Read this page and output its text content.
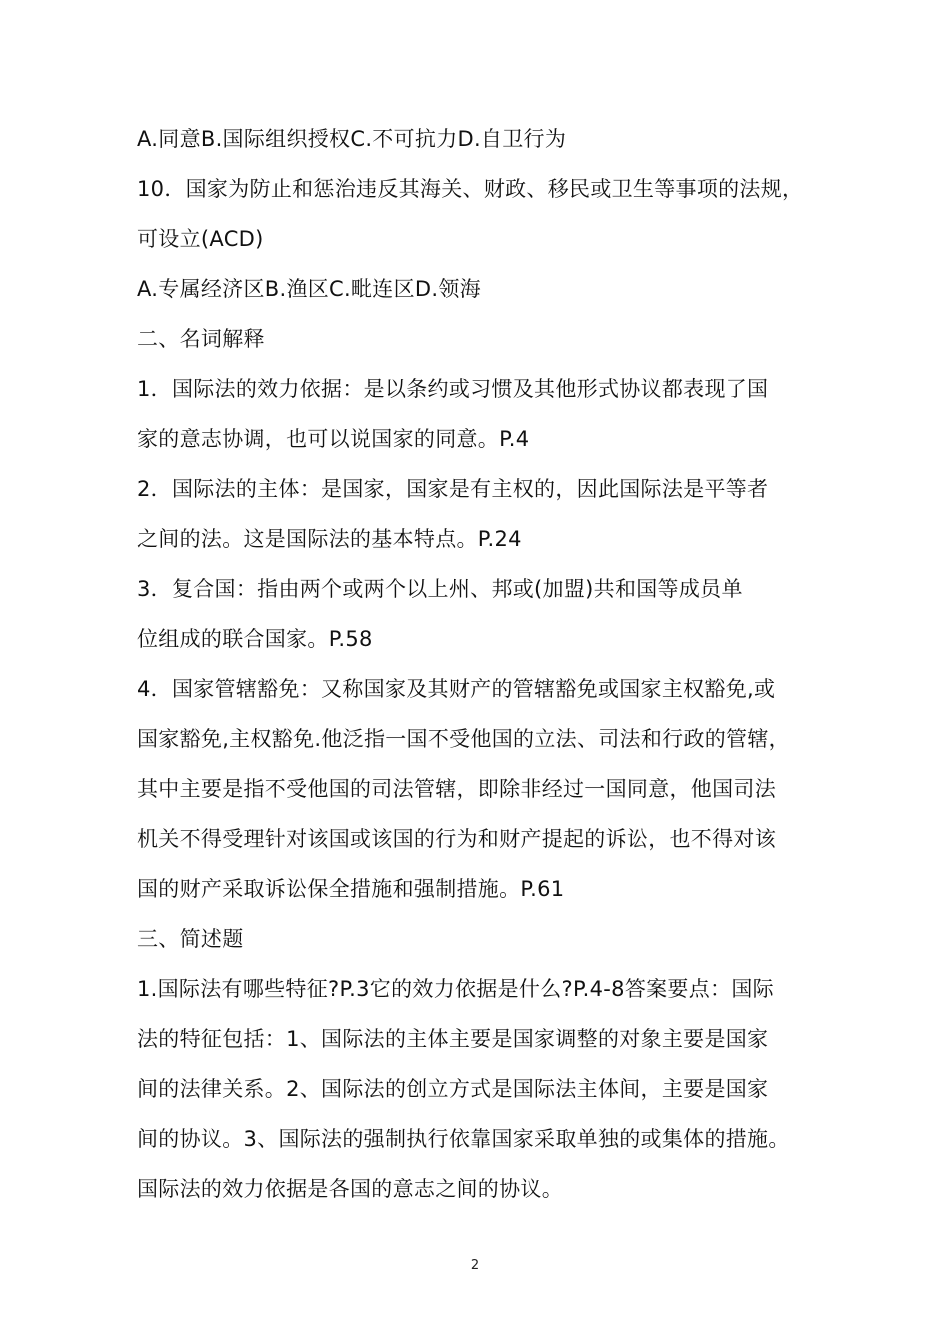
A.同意B.国际组织授权C.不可抗力D.自卫行为
10．国家为防止和惩治违反其海关、财政、移民或卫生等事项的法规，
可设立(ACD)
A.专属经济区B.渔区C.毗连区D.领海
二、名词解释
1．国际法的效力依据：是以条约或习惯及其他形式协议都表现了国
家的意志协调，也可以说国家的同意。P.4
2．国际法的主体：是国家，国家是有主权的，因此国际法是平等者
之间的法。这是国际法的基本特点。P.24
3．复合国：指由两个或两个以上州、邦或(加盟)共和国等成员单
位组成的联合国家。P.58
4．国家管辖豁免：又称国家及其财产的管辖豁免或国家主权豁免,或
国家豁免,主权豁免.他泛指一国不受他国的立法、司法和行政的管辖，
其中主要是指不受他国的司法管辖，即除非经过一国同意，他国司法
机关不得受理针对该国或该国的行为和财产提起的诉讼，也不得对该
国的财产采取诉讼保全措施和强制措施。P.61
三、简述题
1.国际法有哪些特征?P.3它的效力依据是什么?P.4-8答案要点：国际
法的特征包括：1、国际法的主体主要是国家调整的对象主要是国家
间的法律关系。2、国际法的创立方式是国际法主体间，主要是国家
间的协议。3、国际法的强制执行依靠国家采取单独的或集体的措施。
国际法的效力依据是各国的意志之间的协议。
2
